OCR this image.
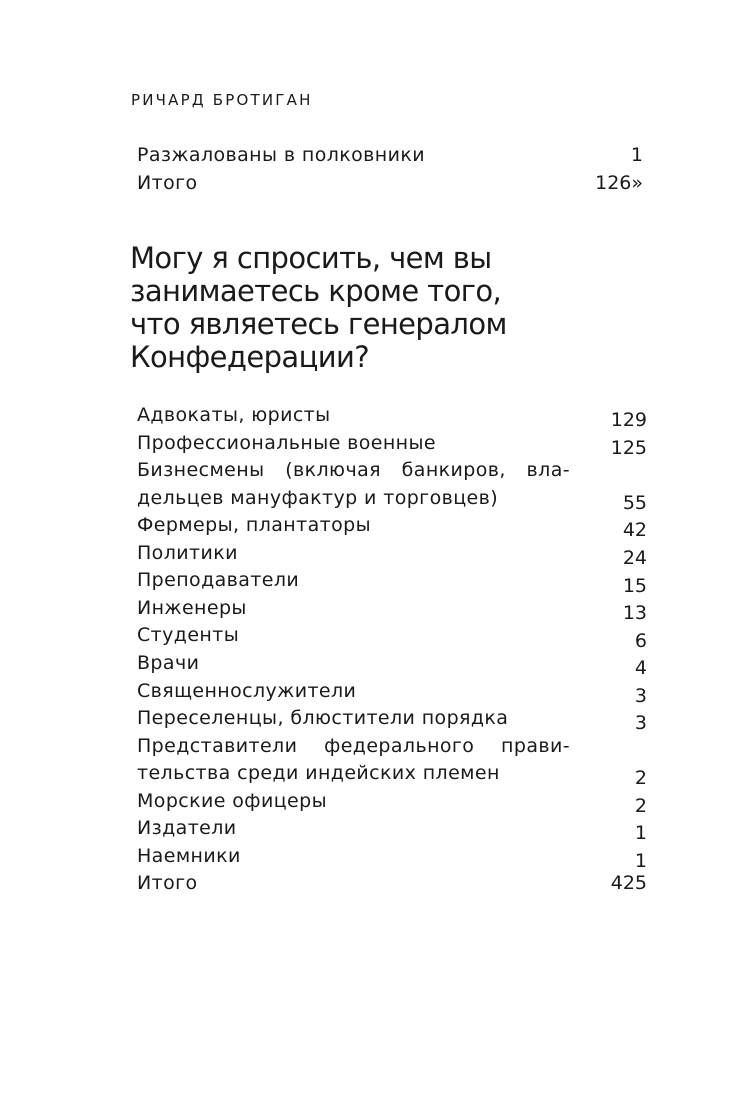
РИЧАРД БРОТИГАН
Разжалованы в полковники	1
Итого	126»
Могу я спросить, чем вы
занимаетесь кроме того,
что являетесь генералом
Конфедерации?
Адвокаты, юристы	129
Профессиональные военные	125
Бизнесмены (включая банкиров, вла-
дельцев мануфактур и торговцев)	55
Фермеры, плантаторы	42
Политики	24
Преподаватели	15
Инженеры	13
Студенты	6
Врачи	4
Священнослужители	3
Переселенцы, блюстители порядка	3
Представители федерального прави-
тельства среди индейских племен	2
Морские офицеры	2
Издатели	1
Наемники	1
Итого	425
